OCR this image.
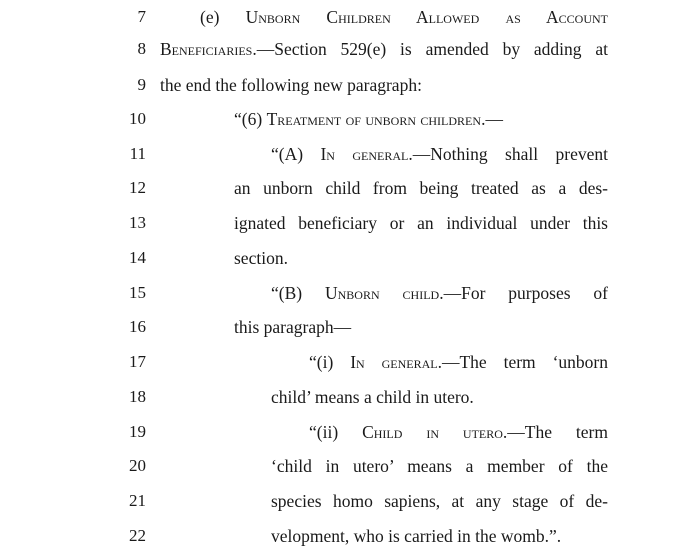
7	(e) Unborn Children Allowed as Account
8 Beneficiaries.—Section 529(e) is amended by adding at
9 the end the following new paragraph:
10	“(6) Treatment of unborn children.—
11	“(A) In general.—Nothing shall prevent
12	an unborn child from being treated as a des-
13	ignated beneficiary or an individual under this
14	section.
15	“(B) Unborn child.—For purposes of
16	this paragraph—
17	“(i) In general.—The term ‘unborn
18	child’ means a child in utero.
19	“(ii) Child in utero.—The term
20	‘child in utero’ means a member of the
21	species homo sapiens, at any stage of de-
22	velopment, who is carried in the womb.”.
